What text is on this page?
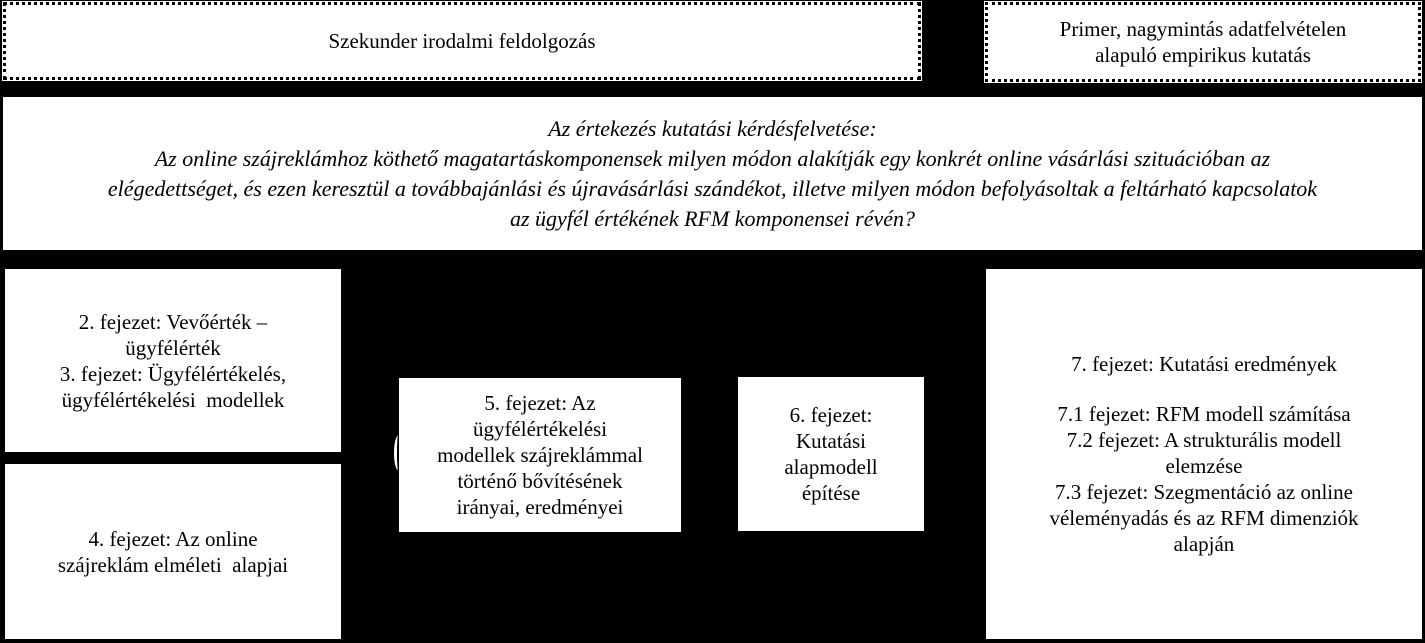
Szekunder irodalmi feldolgozás	Primer, nagymintás adatfelvételen
alapuló empirikus kutatás
Az értekezés kutatási kérdésfelvetése:
Az online szájreklámhoz köthető magatartáskomponensek milyen módon alakítják egy konkrét online vásárlási szituációban az
elégedettséget, és ezen keresztül a továbbajánlási és újravásárlási szándékot, illetve milyen módon befolyásoltak a feltárható kapcsolatok
az ügyfél értékének RFM komponensei révén?
2. fejezet: Vevőérték –
ügyfélérték
3. fejezet: Ügyfélértékelés,
ügyfélértékelési  modellek
4. fejezet: Az online
szájreklám elméleti  alapjai
5. fejezet: Az
ügyfélértékelési
modellek szájreklámmal
történő bővítésének
irányai, eredményei
6. fejezet:
Kutatási
alapmodell
építése
7. fejezet: Kutatási eredmények
7.1 fejezet: RFM modell számítása
7.2 fejezet: A strukturális modell
elemzése
7.3 fejezet: Szegmentáció az online
véleményadás és az RFM dimenziók
alapján
